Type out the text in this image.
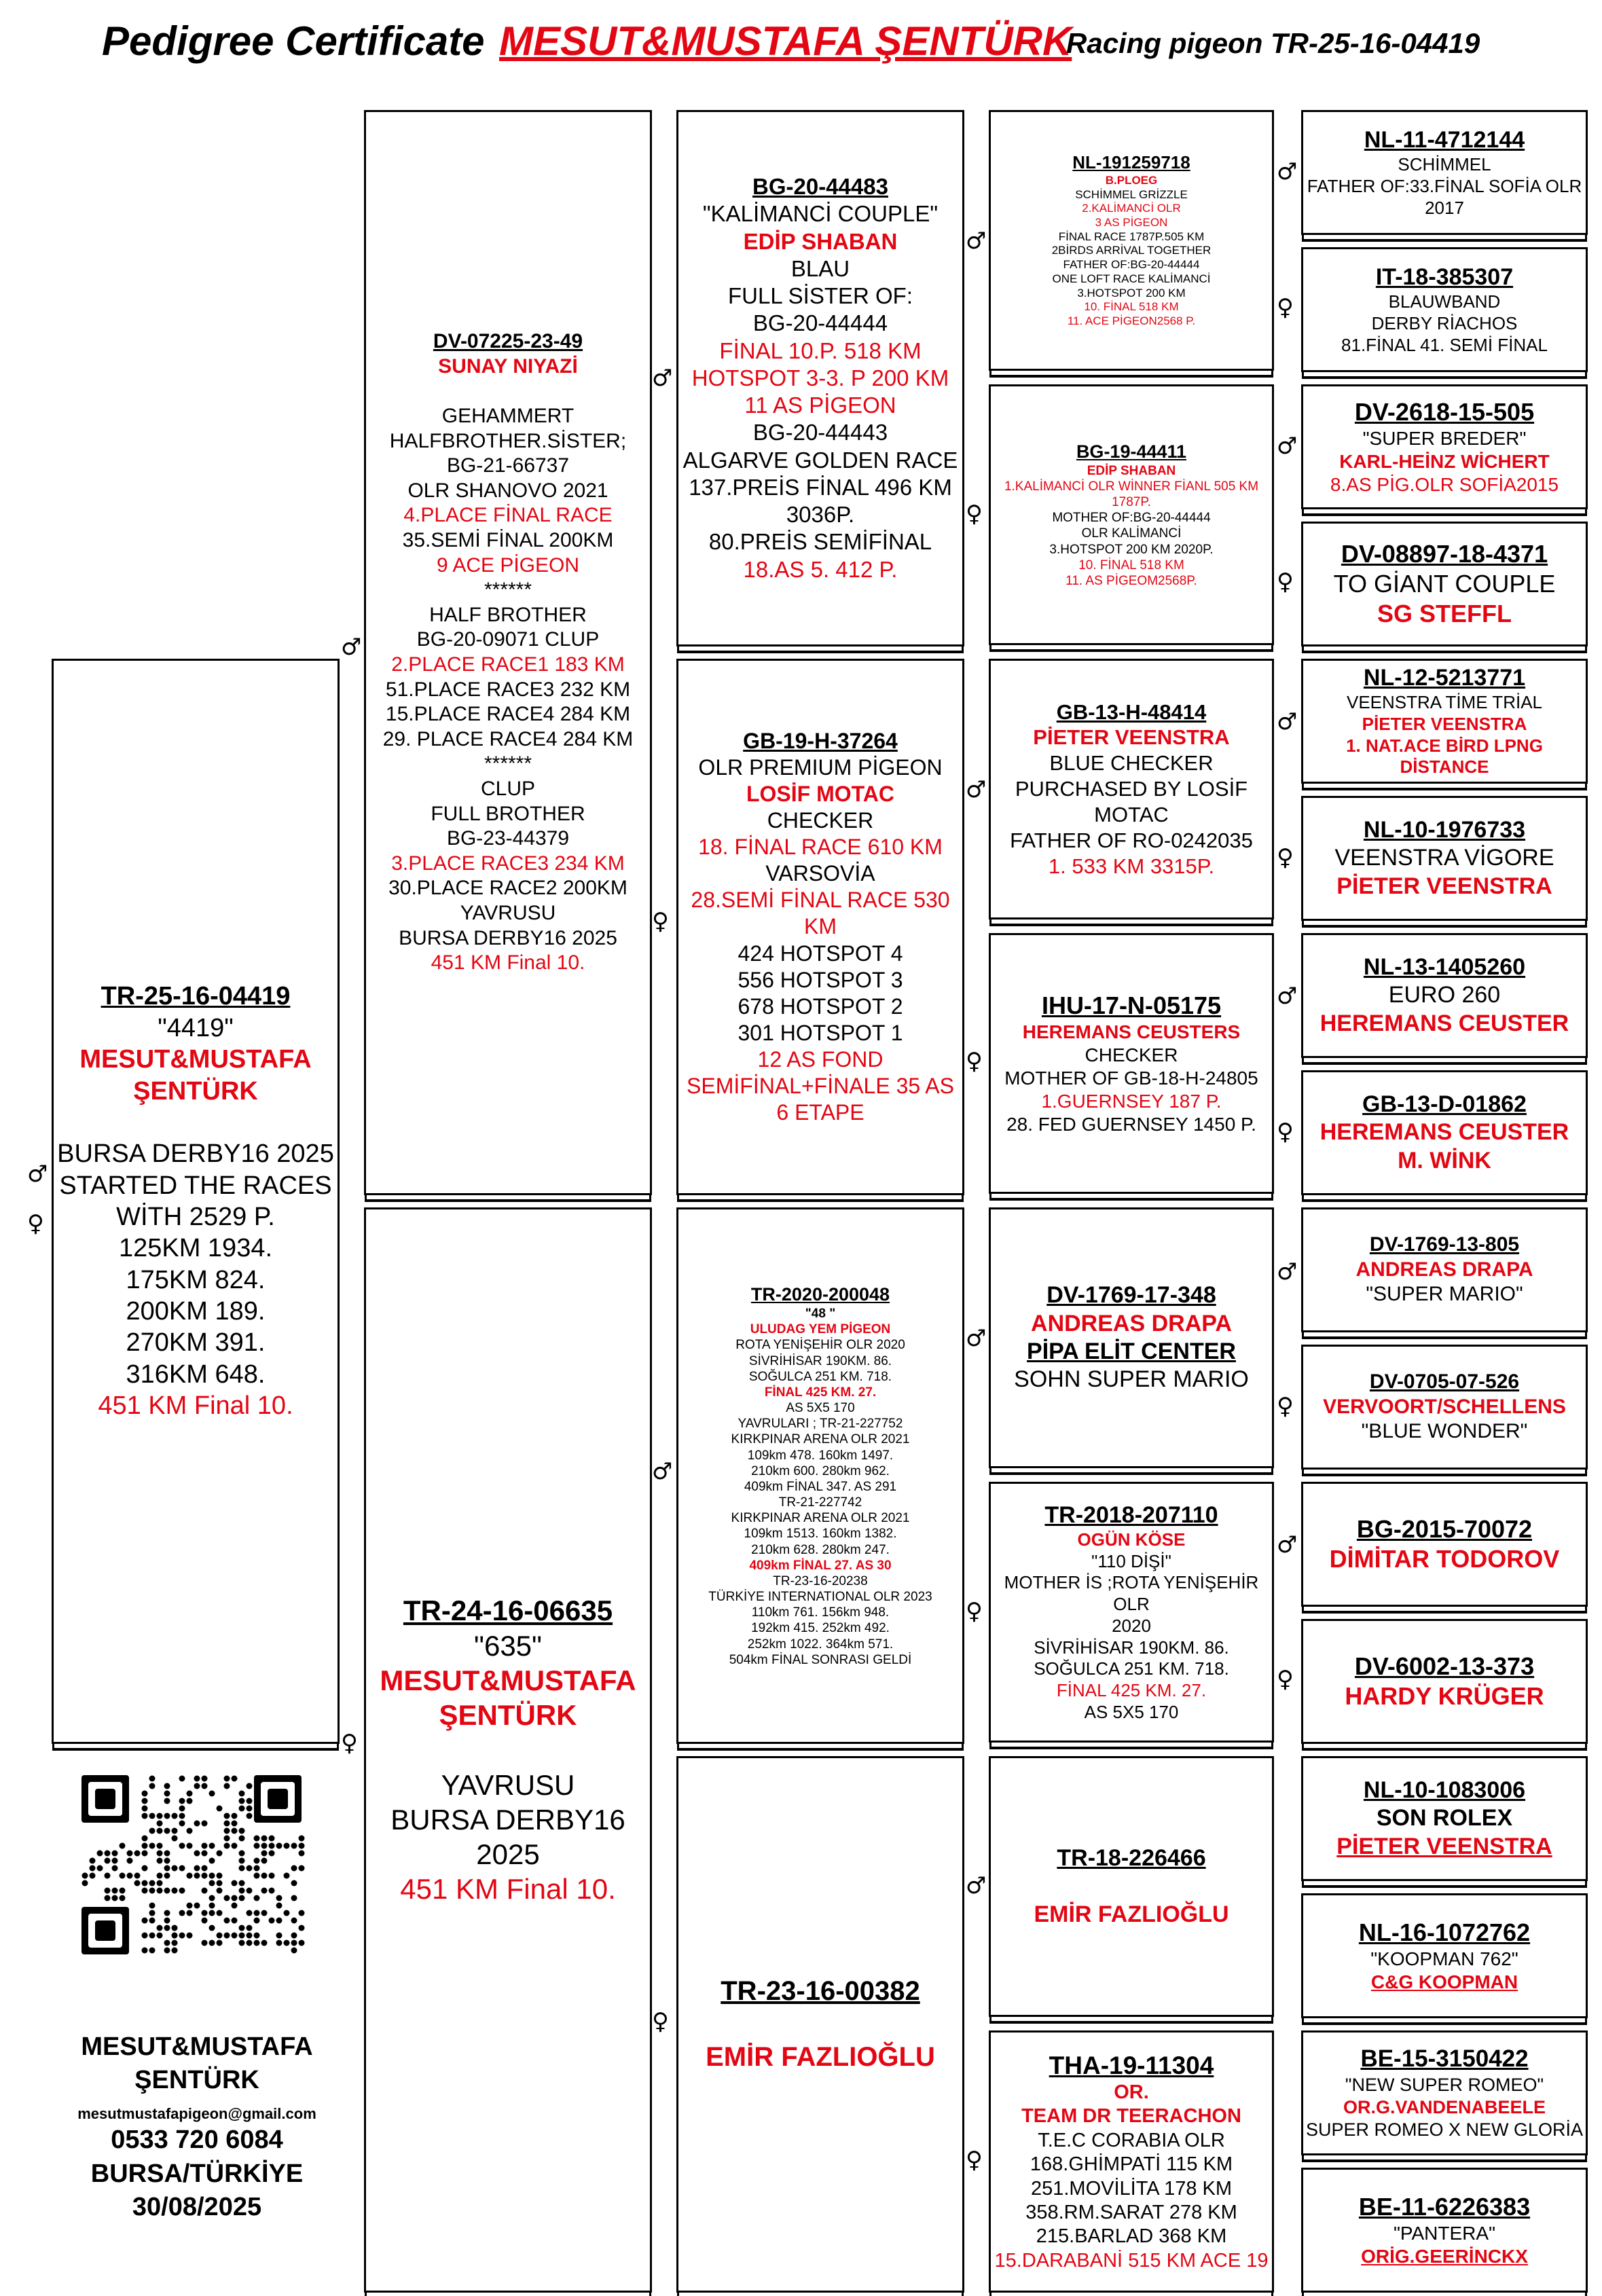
Pedigree Certificate MESUT&MUSTAFA ŞENTÜRK
Racing pigeon TR-25-16-04419
TR-25-16-04419
"4419"
MESUT&MUSTAFA
ŞENTÜRK

BURSA DERBY16 2025
STARTED THE RACES
WİTH 2529 P.
125KM 1934.
175KM 824.
200KM 189.
270KM 391.
316KM 648.
451 KM Final 10.
DV-07225-23-49
SUNAY NIYAZİ

GEHAMMERT
HALFBROTHER.SİSTER;
BG-21-66737
OLR SHANOVO 2021
4.PLACE FİNAL RACE
35.SEMİ FİNAL 200KM
9 ACE PİGEON
******
HALF BROTHER
BG-20-09071 CLUP
2.PLACE RACE1 183 KM
51.PLACE RACE3 232 KM
15.PLACE RACE4 284 KM
29. PLACE RACE4 284 KM
******
CLUP
FULL BROTHER
BG-23-44379
3.PLACE RACE3 234 KM
30.PLACE RACE2 200KM
YAVRUSU
BURSA DERBY16 2025
451 KM Final 10.
TR-24-16-06635
"635"
MESUT&MUSTAFA
ŞENTÜRK

YAVRUSU
BURSA DERBY16 2025
451 KM Final 10.
BG-20-44483
"KALİMANCİ COUPLE"
EDİP SHABAN
BLAU
FULL SİSTER OF:
BG-20-44444
FİNAL 10.P. 518 KM
HOTSPOT 3-3. P 200 KM
11 AS PİGEON
BG-20-44443
ALGARVE GOLDEN RACE
137.PREİS FİNAL 496 KM
3036P.
80.PREİS SEMİFİNAL
18.AS 5. 412 P.
GB-19-H-37264
OLR PREMIUM PİGEON
LOSİF MOTAC
CHECKER
18. FİNAL RACE 610 KM
VARSOVİA
28.SEMİ FİNAL RACE 530
KM
424 HOTSPOT 4
556 HOTSPOT 3
678 HOTSPOT 2
301 HOTSPOT 1
12 AS FOND
SEMİFİNAL+FİNALE 35 AS
6 ETAPE
TR-2020-200048
"48 "
ULUDAG YEM PİGEON
ROTA YENİŞEHİR OLR 2020
SİVRİHİSAR 190KM. 86.
SOĞULCA 251 KM. 718.
FİNAL 425 KM. 27.
AS 5X5 170
YAVRULARI ; TR-21-227752
KIRKPINAR ARENA OLR 2021
109km 478. 160km 1497.
210km 600. 280km 962.
409km FİNAL 347. AS 291
TR-21-227742
KIRKPINAR ARENA OLR 2021
109km 1513. 160km 1382.
210km 628. 280km 247.
409km FİNAL 27. AS 30
TR-23-16-20238
TÜRKİYE INTERNATIONAL OLR 2023
110km 761. 156km 948.
192km 415. 252km 492.
252km 1022. 364km 571.
504km FİNAL SONRASI GELDİ
TR-23-16-00382

EMİR FAZLIOĞLU
NL-191259718
B.PLOEG
SCHİMMEL GRİZZLE
2.KALİMANCİ OLR
3 AS PİGEON
FİNAL RACE 1787P.505 KM
2BİRDS ARRİVAL TOGETHER
FATHER OF:BG-20-44444
ONE LOFT RACE KALİMANCİ
3.HOTSPOT 200 KM
10. FİNAL 518 KM
11. ACE PİGEON2568 P.
BG-19-44411
EDİP SHABAN
1.KALİMANCİ OLR WİNNER FİANL 505 KM
1787P.
MOTHER OF:BG-20-44444
OLR KALİMANCİ
3.HOTSPOT 200 KM 2020P.
10. FİNAL 518 KM
11. AS PİGEOM2568P.
GB-13-H-48414
PİETER VEENSTRA
BLUE CHECKER
PURCHASED BY LOSİF
MOTAC
FATHER OF RO-0242035
1. 533 KM 3315P.
IHU-17-N-05175
HEREMANS CEUSTERS
CHECKER
MOTHER OF GB-18-H-24805
1.GUERNSEY 187 P.
28. FED GUERNSEY 1450 P.
DV-1769-17-348
ANDREAS DRAPA
PİPA ELİT CENTER
SOHN SUPER MARIO
TR-2018-207110
OGÜN KÖSE
"110 DİŞİ"
MOTHER İS ;ROTA YENİŞEHİR OLR
2020
SİVRİHİSAR 190KM. 86.
SOĞULCA 251 KM. 718.
FİNAL 425 KM. 27.
AS 5X5 170
TR-18-226466

EMİR FAZLIOĞLU
THA-19-11304
OR.
TEAM DR TEERACHON
T.E.C CORABIA OLR
168.GHİMPATİ 115 KM
251.MOVİLİTA 178 KM
358.RM.SARAT 278 KM
215.BARLAD 368 KM
15.DARABANİ 515 KM ACE 19
NL-11-4712144
SCHİMMEL
FATHER OF:33.FİNAL SOFİA OLR
2017
IT-18-385307
BLAUWBAND
DERBY RİACHOS
81.FİNAL 41. SEMİ FİNAL
DV-2618-15-505
"SUPER BREDER"
KARL-HEİNZ WİCHERT
8.AS PİG.OLR SOFİA2015
DV-08897-18-4371
TO GİANT COUPLE
SG STEFFL
NL-12-5213771
VEENSTRA TİME TRİAL
PİETER VEENSTRA
1. NAT.ACE BİRD LPNG DİSTANCE
NL-10-1976733
VEENSTRA VİGORE
PİETER VEENSTRA
NL-13-1405260
EURO 260
HEREMANS CEUSTER
GB-13-D-01862
HEREMANS CEUSTER
M. WİNK
DV-1769-13-805
ANDREAS DRAPA
"SUPER MARIO"
DV-0705-07-526
VERVOORT/SCHELLENS
"BLUE WONDER"
BG-2015-70072
DİMİTAR TODOROV
DV-6002-13-373
HARDY KRÜGER
NL-10-1083006
SON ROLEX
PİETER VEENSTRA
NL-16-1072762
"KOOPMAN 762"
C&G KOOPMAN
BE-15-3150422
"NEW SUPER ROMEO"
OR.G.VANDENABEELE
SUPER ROMEO X NEW GLORİA
BE-11-6226383
"PANTERA"
ORİG.GEERİNCKX
♂
♀
♂
♀
♂
♀
♂
♀
♂
♀
♂
♀
♂
♀
♂
♀
♂
♀
♂
♀
♂
♀
♂
♀
♂
♀
♂
♀
MESUT&MUSTAFA
ŞENTÜRK
mesutmustafapigeon@gmail.com
0533 720 6084
BURSA/TÜRKİYE
30/08/2025
